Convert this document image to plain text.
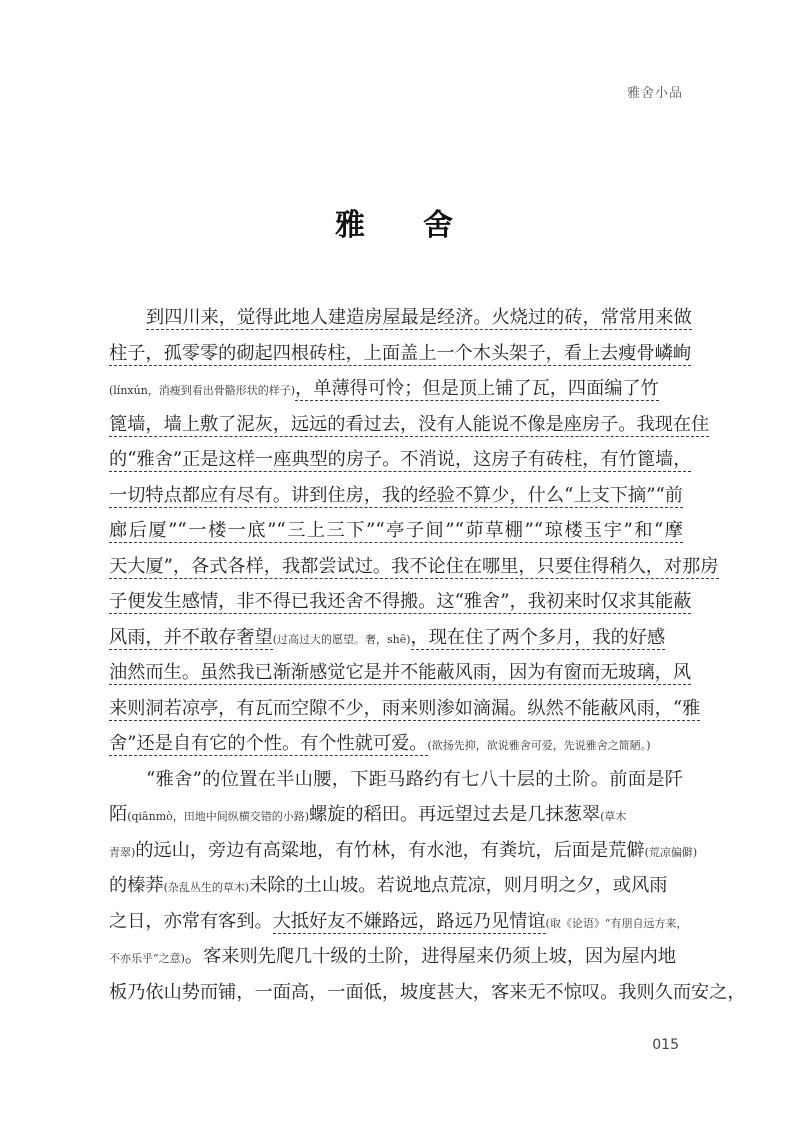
雅舍小品
雅 舍
到四川来，觉得此地人建造房屋最是经济。火烧过的砖，常常用来做
柱子，孤零零的砌起四根砖柱，上面盖上一个木头架子，看上去瘦骨嶙峋
(línxún，消瘦到看出骨骼形状的样子)，单薄得可怜；但是顶上铺了瓦，四面编了竹
篦墙，墙上敷了泥灰，远远的看过去，没有人能说不像是座房子。我现在住
的“雅舍”正是这样一座典型的房子。不消说，这房子有砖柱，有竹篦墙，
一切特点都应有尽有。讲到住房，我的经验不算少，什么“上支下摘”“前
廊后厦”“一楼一底”“三上三下”“亭子间”“茆草棚”“琼楼玉宇”和“摩
天大厦”，各式各样，我都尝试过。我不论住在哪里，只要住得稍久，对那房
子便发生感情，非不得已我还舍不得搬。这“雅舍”，我初来时仅求其能蔽
风雨，并不敢存奢望(过高过大的愿望。奢，shē)，现在住了两个多月，我的好感
油然而生。虽然我已渐渐感觉它是并不能蔽风雨，因为有窗而无玻璃，风
来则洞若凉亭，有瓦而空隙不少，雨来则渗如滴漏。纵然不能蔽风雨，“雅
舍”还是自有它的个性。有个性就可爱。(欲扬先抑，欲说雅舍可爱，先说雅舍之简陋。)
“雅舍”的位置在半山腰，下距马路约有七八十层的土阶。前面是阡
陌(qiānmò，田地中间纵横交错的小路)螺旋的稻田。再远望过去是几抹葱翠(草木
青翠)的远山，旁边有高粱地，有竹林，有水池，有粪坑，后面是荒僻(荒凉偏僻)
的榛莽(杂乱丛生的草木)未除的土山坡。若说地点荒凉，则月明之夕，或风雨
之日，亦常有客到。大抵好友不嫌路远，路远乃见情谊(取《论语》“有朋自远方来，
不亦乐乎”之意)。客来则先爬几十级的土阶，进得屋来仍须上坡，因为屋内地
板乃依山势而铺，一面高，一面低，坡度甚大，客来无不惊叹。我则久而安之，
015
